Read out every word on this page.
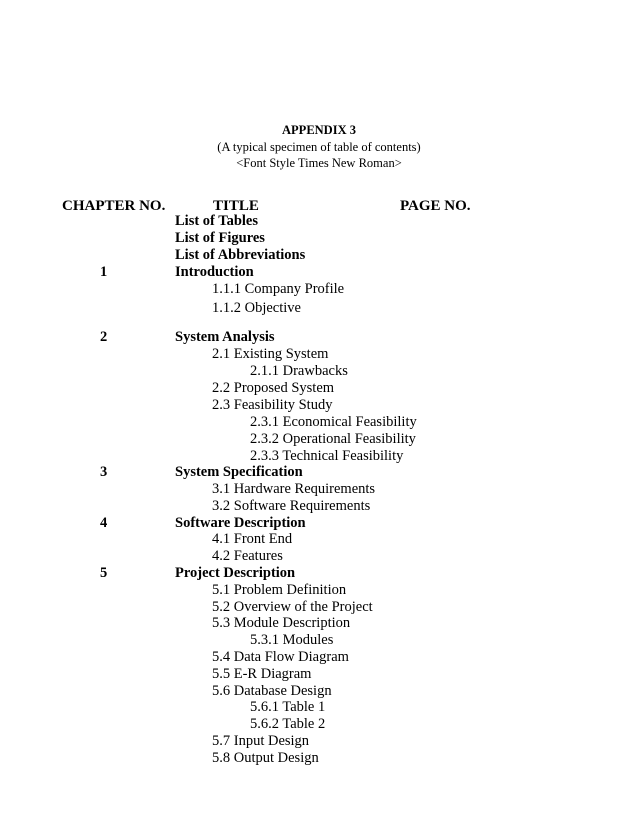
APPENDIX 3
(A typical specimen of table of contents)
<Font Style Times New Roman>
CHAPTER NO.	TITLE	PAGE NO.
List of Tables
List of Figures
List of Abbreviations
1	Introduction
1.1.1 Company Profile
1.1.2 Objective
2	System Analysis
2.1 Existing System
2.1.1 Drawbacks
2.2 Proposed System
2.3 Feasibility Study
2.3.1 Economical Feasibility
2.3.2 Operational Feasibility
2.3.3 Technical Feasibility
3	System Specification
3.1 Hardware Requirements
3.2 Software Requirements
4	Software Description
4.1 Front End
4.2 Features
5	Project Description
5.1 Problem Definition
5.2 Overview of the Project
5.3 Module Description
5.3.1 Modules
5.4 Data Flow Diagram
5.5 E-R Diagram
5.6 Database Design
5.6.1 Table 1
5.6.2 Table 2
5.7 Input Design
5.8 Output Design
